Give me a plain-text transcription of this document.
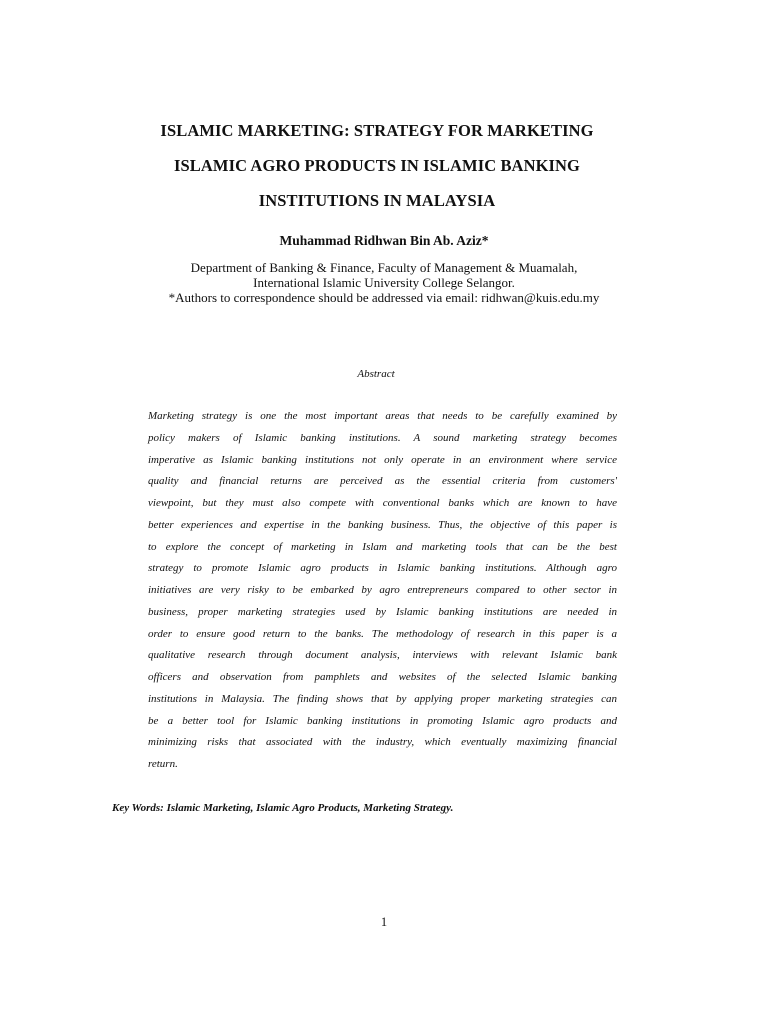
ISLAMIC MARKETING: STRATEGY FOR MARKETING
ISLAMIC AGRO PRODUCTS IN ISLAMIC BANKING
INSTITUTIONS IN MALAYSIA
Muhammad Ridhwan Bin Ab. Aziz*
Department of Banking & Finance, Faculty of Management & Muamalah,
International Islamic University College Selangor.
*Authors to correspondence should be addressed via email: ridhwan@kuis.edu.my
Abstract
Marketing strategy is one the most important areas that needs to be carefully examined by
policy makers of Islamic banking institutions. A sound marketing strategy becomes
imperative as Islamic banking institutions not only operate in an environment where service
quality and financial returns are perceived as the essential criteria from customers'
viewpoint, but they must also compete with conventional banks which are known to have
better experiences and expertise in the banking business. Thus, the objective of this paper is
to explore the concept of marketing in Islam and marketing tools that can be the best
strategy to promote Islamic agro products in Islamic banking institutions. Although agro
initiatives are very risky to be embarked by agro entrepreneurs compared to other sector in
business, proper marketing strategies used by Islamic banking institutions are needed in
order to ensure good return to the banks. The methodology of research in this paper is a
qualitative research through document analysis, interviews with relevant Islamic bank
officers and observation from pamphlets and websites of the selected Islamic banking
institutions in Malaysia. The finding shows that by applying proper marketing strategies can
be a better tool for Islamic banking institutions in promoting Islamic agro products and
minimizing risks that associated with the industry, which eventually maximizing financial
return.
Key Words: Islamic Marketing, Islamic Agro Products, Marketing Strategy.
1
